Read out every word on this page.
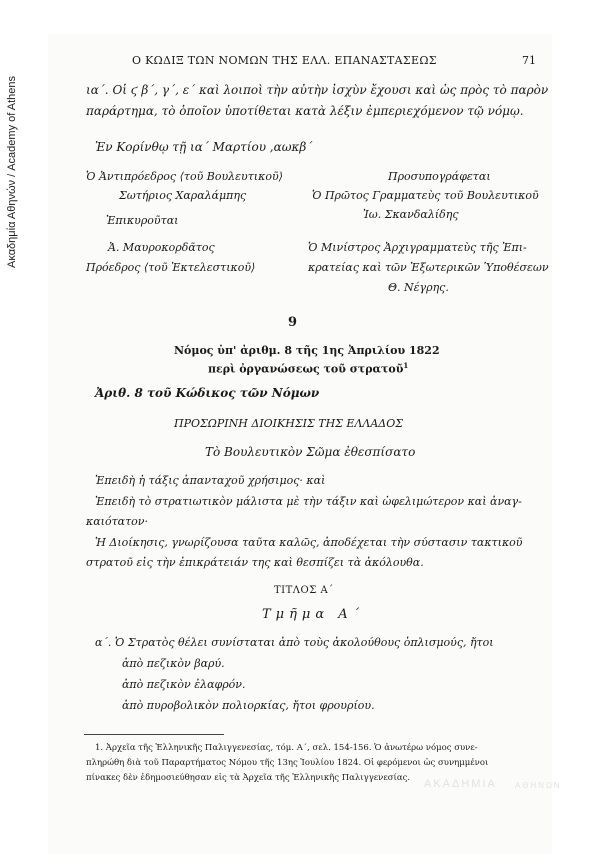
Ακαδημία Αθηνών / Academy of Athens
Ο ΚΩΔΙΞ ΤΩΝ ΝΟΜΩΝ ΤΗΣ ΕΛΛ. ΕΠΑΝΑΣΤΑΣΕΩΣ	71
ια΄. Οἱ ϛ β΄, γ΄, ε΄ καὶ λοιποὶ τὴν αὐτὴν ἰσχὺν ἔχουσι καὶ ὡς πρὸς τὸ παρὸν
παράρτημα, τὸ ὁποῖον ὑποτίθεται κατὰ λέξιν ἐμπεριεχόμενον τῷ νόμῳ.
Ἐν Κορίνθῳ τῇ ια΄ Μαρτίου ,αωκβ΄
Ὁ Ἀντιπρόεδρος ⟨τοῦ Βουλευτικοῦ⟩
Σωτήριος Χαραλάμπης
Ἐπικυροῦται
Ἀ. Μαυροκορδᾶτος
Πρόεδρος ⟨τοῦ Ἐκτελεστικοῦ⟩
Προσυπογράφεται
Ὁ Πρῶτος Γραμματεὺς τοῦ Βουλευτικοῦ
Ἰω. Σκανδαλίδης
Ὁ Μινίστρος Ἀρχιγραμματεὺς τῆς Ἐπι-
κρατείας καὶ τῶν Ἐξωτερικῶν Ὑποθέσεων
Θ. Νέγρης.
9
Νόμος ὑπ' ἀριθμ. 8 τῆς 1ης Ἀπριλίου 1822
περὶ ὀργανώσεως τοῦ στρατοῦ$^1$
Ἀριθ. 8 τοῦ Κώδικος τῶν Νόμων
ΠΡΟΣΩΡΙΝΗ ΔΙΟΙΚΗΣΙΣ ΤΗΣ ΕΛΛΑΔΟΣ
Τὸ Βουλευτικὸν Σῶμα ἐθεσπίσατο
Ἐπειδὴ ἡ τάξις ἁπανταχοῦ χρήσιμος· καὶ
Ἐπειδὴ τὸ στρατιωτικὸν μάλιστα μὲ τὴν τάξιν καὶ ὠφελιμώτερον καὶ ἀναγ-
καιότατον·
Ἡ Διοίκησις, γνωρίζουσα ταῦτα καλῶς, ἀποδέχεται τὴν σύστασιν τακτικοῦ
στρατοῦ εἰς τὴν ἐπικράτειάν της καὶ θεσπίζει τὰ ἀκόλουθα.
ΤΙΤΛΟΣ Α΄
Τμῆμα Α΄
α΄. Ὁ Στρατὸς θέλει συνίσταται ἀπὸ τοὺς ἀκολούθους ὁπλισμούς, ἤτοι
ἀπὸ πεζικὸν βαρύ.
ἀπὸ πεζικὸν ἐλαφρόν.
ἀπὸ πυροβολικὸν πολιορκίας, ἤτοι φρουρίου.
1. Ἀρχεῖα τῆς Ἑλληνικῆς Παλιγγενεσίας, τόμ. Α΄, σελ. 154-156. Ὁ ἀνωτέρω νόμος συνε-
πληρώθη διὰ τοῦ Παραρτήματος Νόμου τῆς 13ης Ἰουλίου 1824. Οἱ φερόμενοι ὡς συνημμένοι
πίνακες δὲν ἐδημοσιεύθησαν εἰς τὰ Ἀρχεῖα τῆς Ἑλληνικῆς Παλιγγενεσίας. ΑΚΑΔΗΜΙΑ ΑΘΗΝΩΝ
